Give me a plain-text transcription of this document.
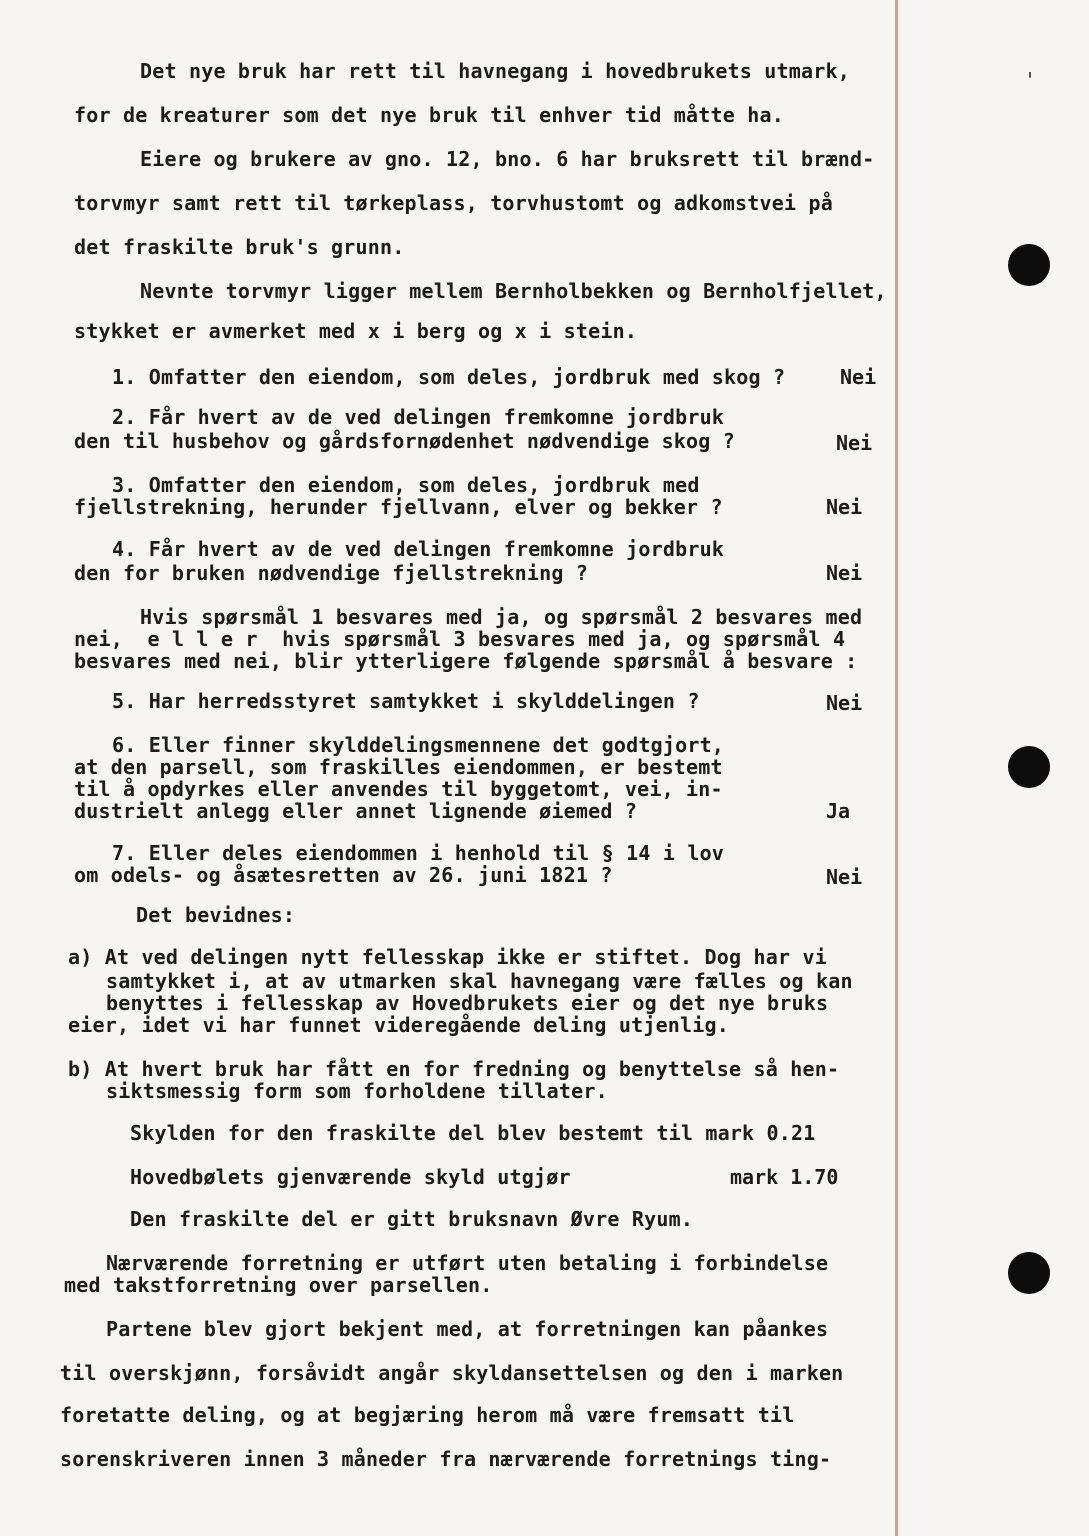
'
Det nye bruk har rett til havnegang i hovedbrukets utmark,
for de kreaturer som det nye bruk til enhver tid måtte ha.
Eiere og brukere av gno. 12, bno. 6 har bruksrett til brænd-
torvmyr samt rett til tørkeplass, torvhustomt og adkomstvei på
det fraskilte bruk's grunn.
Nevnte torvmyr ligger mellem Bernholbekken og Bernholfjellet,
stykket er avmerket med x i berg og x i stein.
1. Omfatter den eiendom, som deles, jordbruk med skog ?	Nei
2. Får hvert av de ved delingen fremkomne jordbruk
den til husbehov og gårdsfornødenhet nødvendige skog ?	Nei
3. Omfatter den eiendom, som deles, jordbruk med
fjellstrekning, herunder fjellvann, elver og bekker ?	Nei
4. Får hvert av de ved delingen fremkomne jordbruk
den for bruken nødvendige fjellstrekning ?	Nei
Hvis spørsmål 1 besvares med ja, og spørsmål 2 besvares med
nei,  e l l e r  hvis spørsmål 3 besvares med ja, og spørsmål 4
besvares med nei, blir ytterligere følgende spørsmål å besvare :
5. Har herredsstyret samtykket i skylddelingen ?	Nei
6. Eller finner skylddelingsmennene det godtgjort,
at den parsell, som fraskilles eiendommen, er bestemt
til å opdyrkes eller anvendes til byggetomt, vei, in-
dustrielt anlegg eller annet lignende øiemed ?	Ja
7. Eller deles eiendommen i henhold til § 14 i lov
om odels- og åsætesretten av 26. juni 1821 ?	Nei
Det bevidnes:
a) At ved delingen nytt fellesskap ikke er stiftet. Dog har vi
samtykket i, at av utmarken skal havnegang være fælles og kan
benyttes i fellesskap av Hovedbrukets eier og det nye bruks
eier, idet vi har funnet videregående deling utjenlig.
b) At hvert bruk har fått en for fredning og benyttelse så hen-
siktsmessig form som forholdene tillater.
Skylden for den fraskilte del blev bestemt til mark 0.21
Hovedbølets gjenværende skyld utgjør	mark 1.70
Den fraskilte del er gitt bruksnavn Øvre Ryum.
Nærværende forretning er utført uten betaling i forbindelse
med takstforretning over parsellen.
Partene blev gjort bekjent med, at forretningen kan påankes
til overskjønn, forsåvidt angår skyldansettelsen og den i marken
foretatte deling, og at begjæring herom må være fremsatt til
sorenskriveren innen 3 måneder fra nærværende forretnings ting-
